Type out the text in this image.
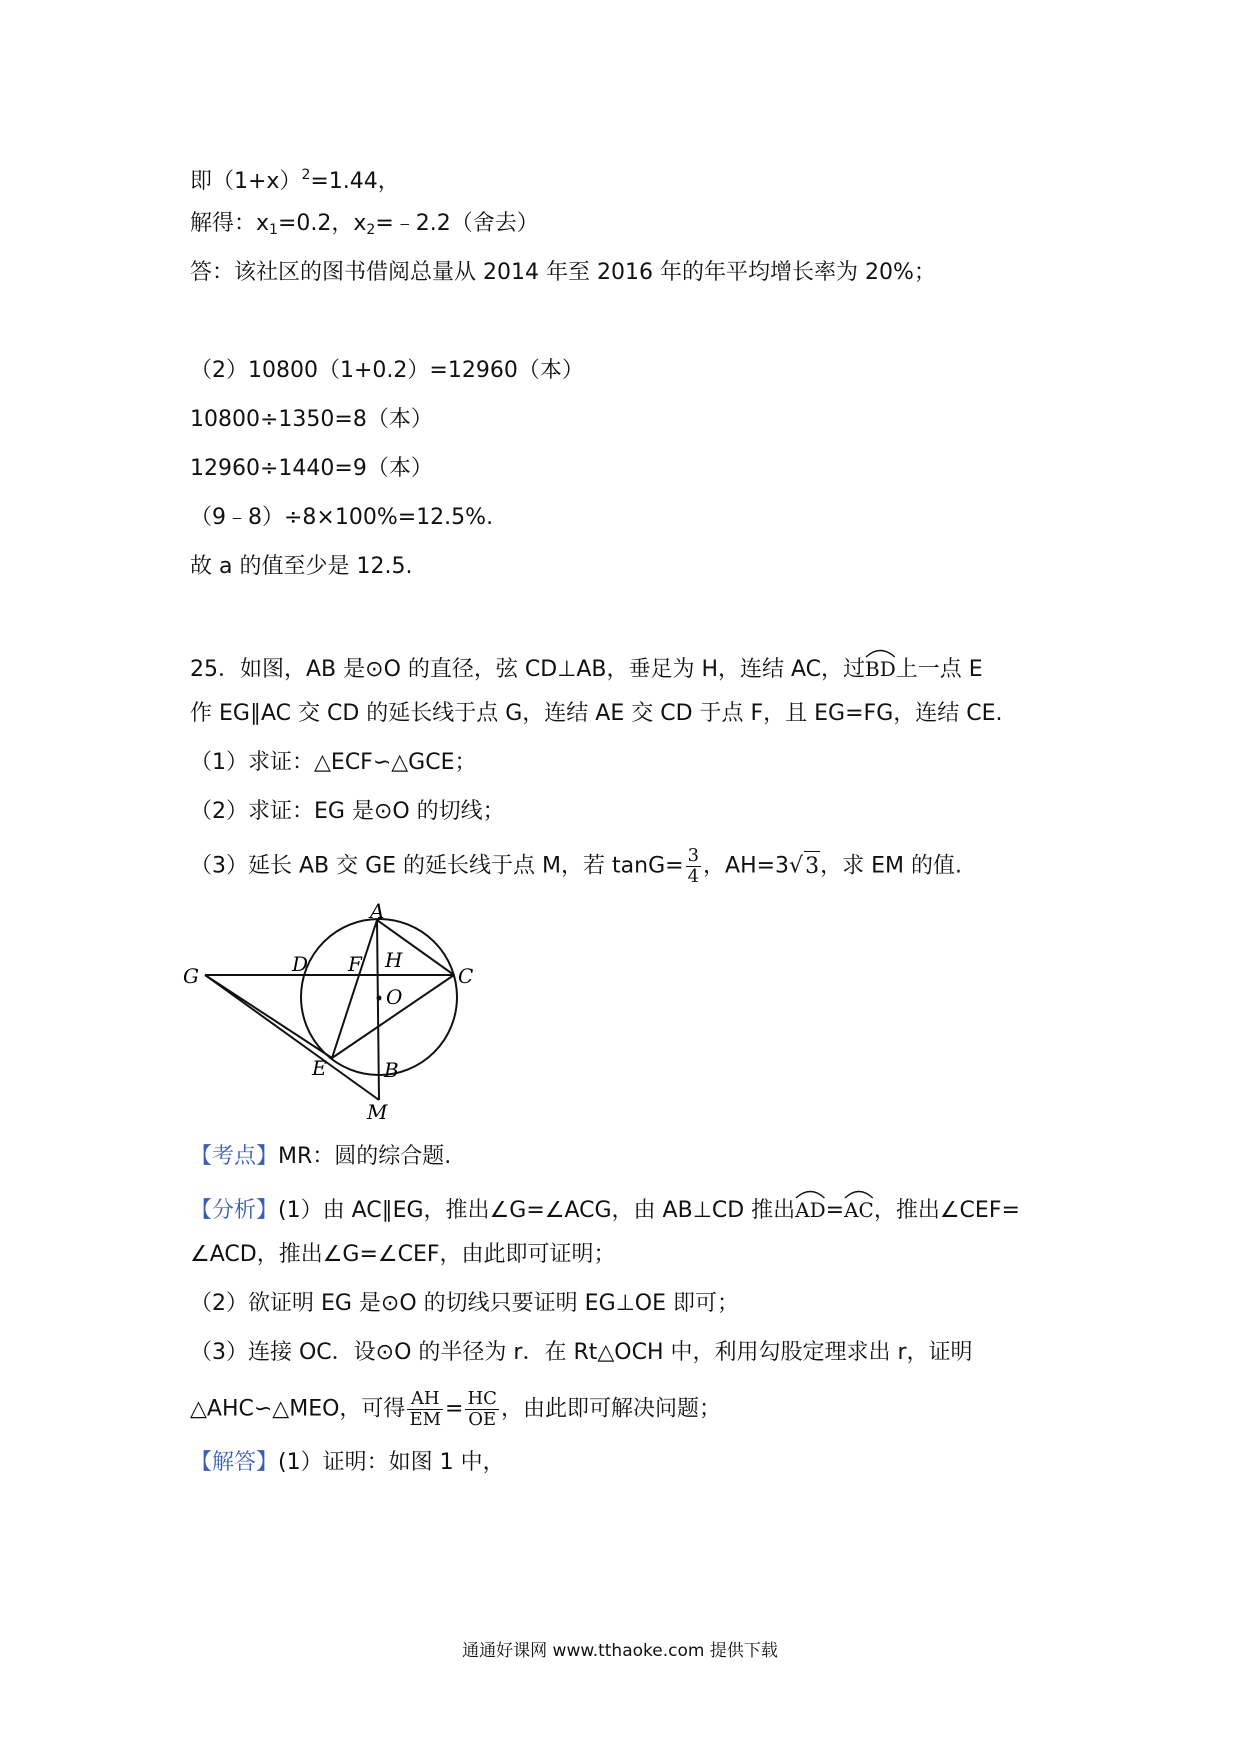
即$(1+x)^2=1.44$，
解得：$x_1=0.2$，$x_2=﹣2.2$（舍去）
答：该社区的图书借阅总量从 2014 年至 2016 年的年平均增长率为 20%；
（2）10800（1+0.2）=12960（本）
10800÷1350=8（本）
12960÷1440=9（本）
（9﹣8）÷8×100%=12.5%.
故 a 的值至少是 12.5.
25．如图，AB 是⊙O 的直径，弦 CD⊥AB，垂足为 H，连结 AC，过
BD上一点 E
作 EG∥AC 交 CD 的延长线于点 G，连结 AE 交 CD 于点 F，且 EG=FG，连结 CE.
（1）求证：△ECF∽△GCE；
（2）求证：EG 是⊙O 的切线；
（3）延长 AB 交 GE 的延长线于点 M，若 $\tan G= \frac{3}{4}$ ，AH=3√3，求 EM 的值.
A
B
C
D
E
F
G
H
O
M
【考点】MR：圆的综合题.
【分析】(1）由 AC∥EG，推出∠G=∠ACG，由 AB⊥CD 推出
AD=
AC，推出∠CEF=
∠ACD，推出∠G=∠CEF，由此即可证明；
（2）欲证明 EG 是⊙O 的切线只要证明 EG⊥OE 即可；
（3）连接 OC．设⊙O 的半径为 r．在 Rt△OCH 中，利用勾股定理求出 r，证明
△AHC∽△MEO，可得 $\frac{AH}{EM} = \frac{HC}{OE}$ ，由此即可解决问题；
【解答】(1）证明：如图 1 中，
通通好课网 www.tthaoke.com 提供下载
